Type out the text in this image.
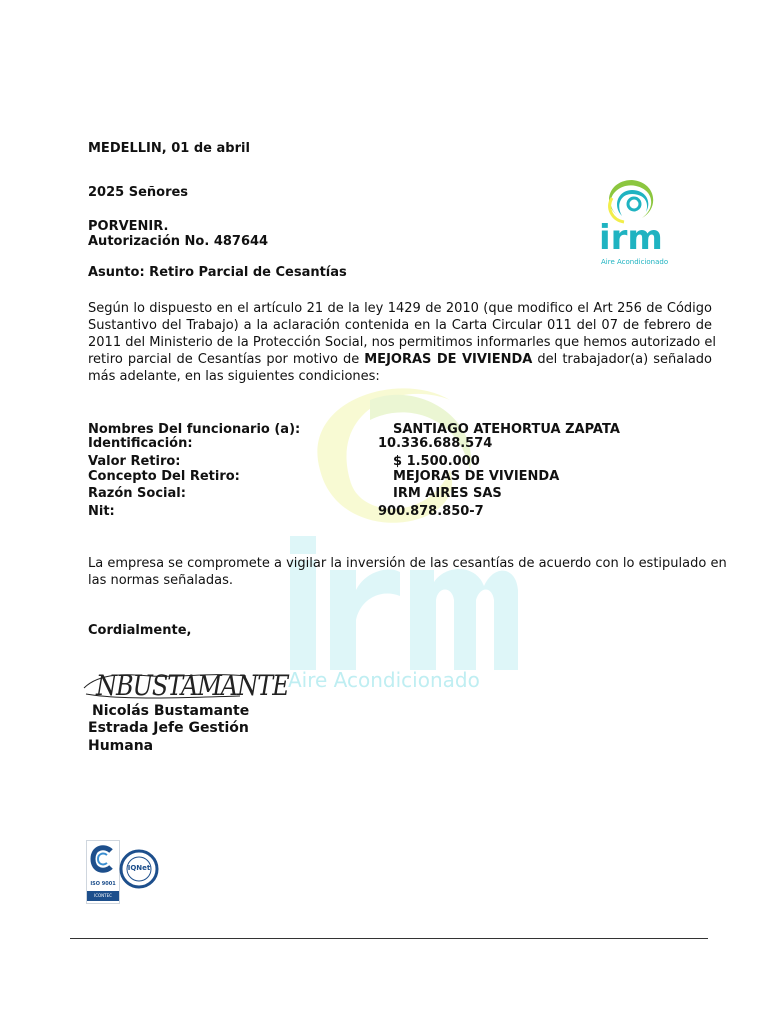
MEDELLIN, 01 de abril
2025 Señores
PORVENIR.
Autorización No. 487644
Asunto: Retiro Parcial de Cesantías
irm
Aire Acondicionado
Aire Acondicionado
Según lo dispuesto en el artículo 21 de la ley 1429 de 2010 (que modifico el Art 256 de Código
Sustantivo del Trabajo) a la aclaración contenida en la Carta Circular 011 del 07 de febrero de
2011 del Ministerio de la Protección Social, nos permitimos informarles que hemos autorizado el
retiro parcial de Cesantías por motivo de MEJORAS DE VIVIENDA del trabajador(a) señalado
más adelante, en las siguientes condiciones:
Nombres Del funcionario (a):	SANTIAGO ATEHORTUA ZAPATA
Identificación:	10.336.688.574
Valor Retiro:	$ 1.500.000
Concepto Del Retiro:	MEJORAS DE VIVIENDA
Razón Social:	IRM AIRES SAS
Nit:	900.878.850-7
La empresa se compromete a vigilar la inversión de las cesantías de acuerdo con lo estipulado en
las normas señaladas.
Cordialmente,
NBUSTAMANTE
Nicolás Bustamante
Estrada Jefe Gestión
Humana
ISO 9001
ICONTEC
IQNet
